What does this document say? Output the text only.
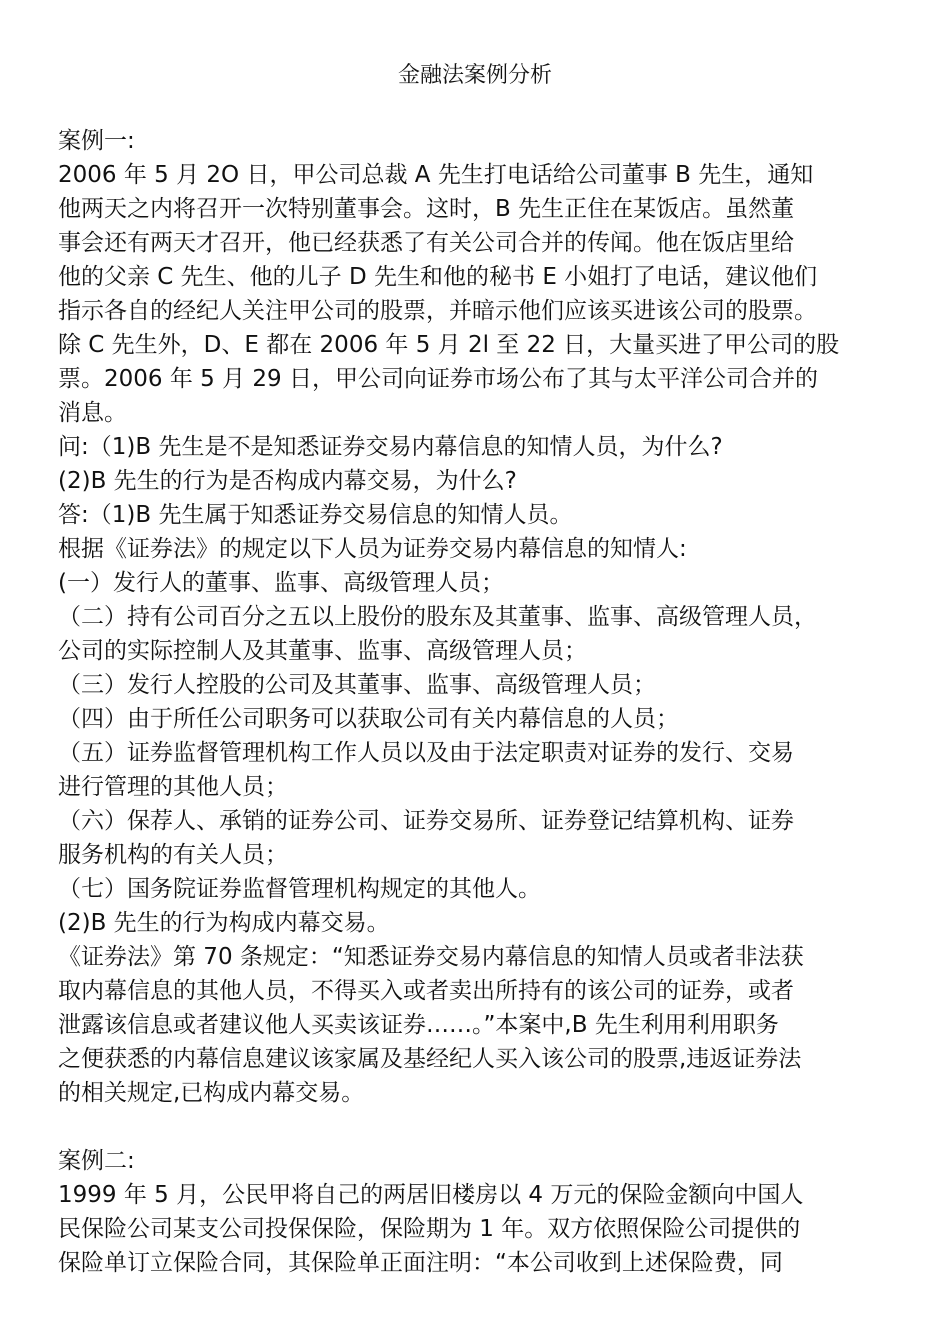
金融法案例分析
案例一:
2006 年 5 月 2O 日，甲公司总裁 A 先生打电话给公司董事 B 先生，通知
他两天之内将召开一次特别董事会。这时，B 先生正住在某饭店。虽然董
事会还有两天才召开，他已经获悉了有关公司合并的传闻。他在饭店里给
他的父亲 C 先生、他的儿子 D 先生和他的秘书 E 小姐打了电话，建议他们
指示各自的经纪人关注甲公司的股票，并暗示他们应该买进该公司的股票。
除 C 先生外，D、E 都在 2006 年 5 月 2l 至 22 日，大量买进了甲公司的股
票。2006 年 5 月 29 日，甲公司向证券市场公布了其与太平洋公司合并的
消息。
问:（1)B 先生是不是知悉证券交易内幕信息的知情人员，为什么?
(2)B 先生的行为是否构成内幕交易，为什么?
答:（1)B 先生属于知悉证券交易信息的知情人员。
根据《证券法》的规定以下人员为证券交易内幕信息的知情人:
(一）发行人的董事、监事、高级管理人员；
（二）持有公司百分之五以上股份的股东及其董事、监事、高级管理人员，
公司的实际控制人及其董事、监事、高级管理人员；
（三）发行人控股的公司及其董事、监事、高级管理人员；
（四）由于所任公司职务可以获取公司有关内幕信息的人员；
（五）证券监督管理机构工作人员以及由于法定职责对证券的发行、交易
进行管理的其他人员；
（六）保荐人、承销的证券公司、证券交易所、证券登记结算机构、证券
服务机构的有关人员；
（七）国务院证券监督管理机构规定的其他人。
(2)B 先生的行为构成内幕交易。
《证券法》第 70 条规定：“知悉证券交易内幕信息的知情人员或者非法获
取内幕信息的其他人员，不得买入或者卖出所持有的该公司的证券，或者
泄露该信息或者建议他人买卖该证券……。”本案中,B 先生利用利用职务
之便获悉的内幕信息建议该家属及基经纪人买入该公司的股票,违返证券法
的相关规定,已构成内幕交易。
案例二:
1999 年 5 月，公民甲将自己的两居旧楼房以 4 万元的保险金额向中国人
民保险公司某支公司投保保险，保险期为 1 年。双方依照保险公司提供的
保险单订立保险合同，其保险单正面注明：“本公司收到上述保险费，同
